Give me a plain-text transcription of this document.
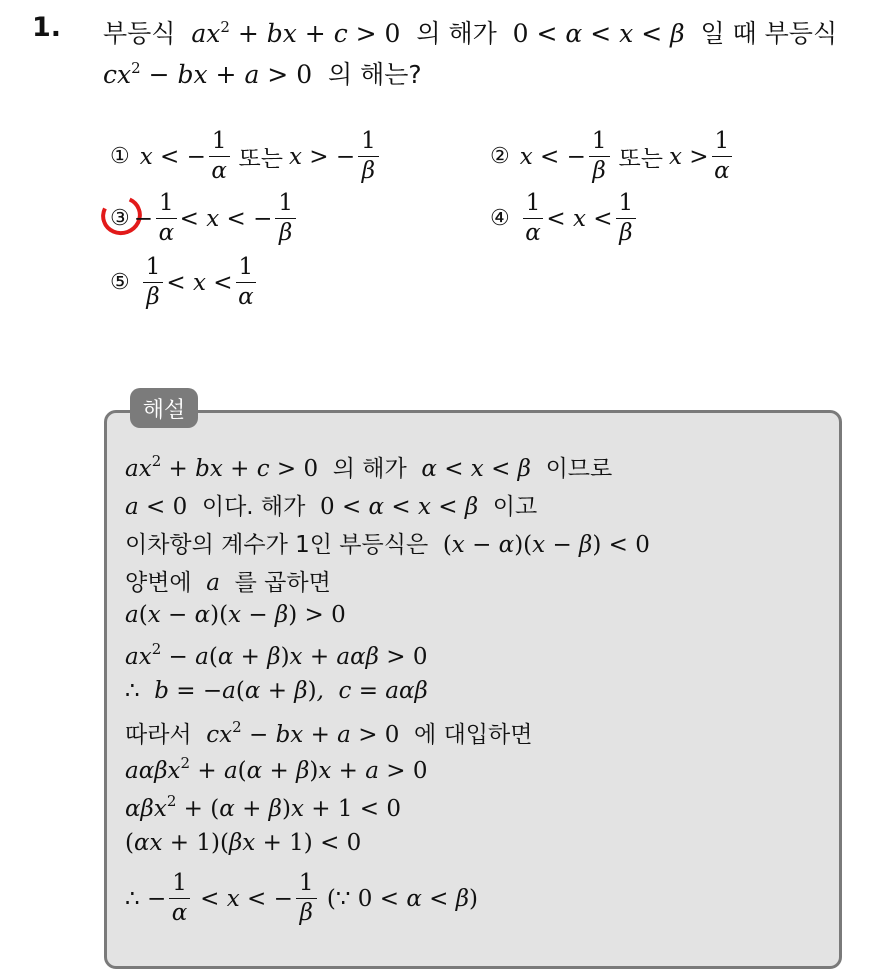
1. 부등식  $ax^2$ + bx + c > 0 의 해가 0 < α < x < β  일 때 부등식
$cx^2$ − bx + a > 0 의 해는?
① x < − $\frac{1}{\alpha}$ 또는 x > − $\frac{1}{\beta}$	② x < − $\frac{1}{\beta}$ 또는 $x > \frac{1}{\alpha}$
③ − $\frac{1}{\alpha} < x$ < − $\frac{1}{\beta}$	④ $\frac{1}{\alpha} < x < \frac{1}{\beta}$
⑤ $\frac{1}{\beta} < x < \frac{1}{\alpha}$
해설
$ax^2$ + bx + c > 0 의 해가  α < x < β  이므로
a < 0 이다. 해가 0 < α < x < β  이고
이차항의 계수가 1인 부등식은 (x − α)(x − β) < 0
양변에  a  를 곱하면
a(x − α)(x − β) > 0
$ax^2 - a(\alpha + \beta)x + a\alpha\beta > 0$
∴  b = −a(α + β),  c = aαβ
따라서  $cx^2$ − bx + a > 0 에 대입하면
aαβx$^2$ + a(α + β)x + a > 0
αβx$^2$ + (α + β)x + 1 < 0
(αx + 1)(βx + 1) < 0
∴ − $\frac{1}{\alpha} < x$ < − $\frac{1}{\beta}$ (∵ 0 < α < β)
